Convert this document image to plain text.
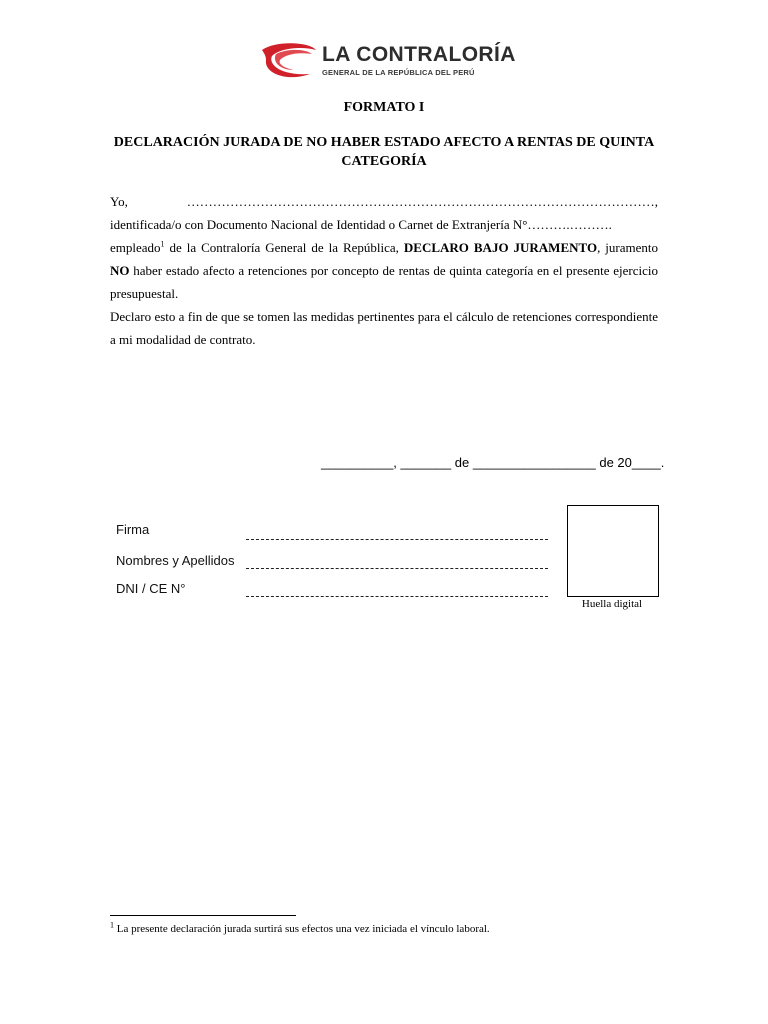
LA CONTRALORÍA
GENERAL DE LA REPÚBLICA DEL PERÚ
FORMATO I
DECLARACIÓN JURADA DE NO HABER ESTADO AFECTO A RENTAS DE QUINTA CATEGORÍA

Yo,	………………………………………………………………………………………………,

identificada/o con Documento Nacional de Identidad o Carnet de Extranjería N°……….……….

empleado$^1$ de la Contraloría General de la República, DECLARO BAJO JURAMENTO, juramento NO haber estado afecto a retenciones por concepto de rentas de quinta categoría en el presente ejercicio presupuestal.

Declaro esto a fin de que se tomen las medidas pertinentes para el cálculo de retenciones correspondiente a mi modalidad de contrato.

__________, _______ de _________________ de 20____.
Firma
Nombres y Apellidos
DNI / CE N°
Huella digital
$^1$ La presente declaración jurada surtirá sus efectos una vez iniciada el vínculo laboral.
